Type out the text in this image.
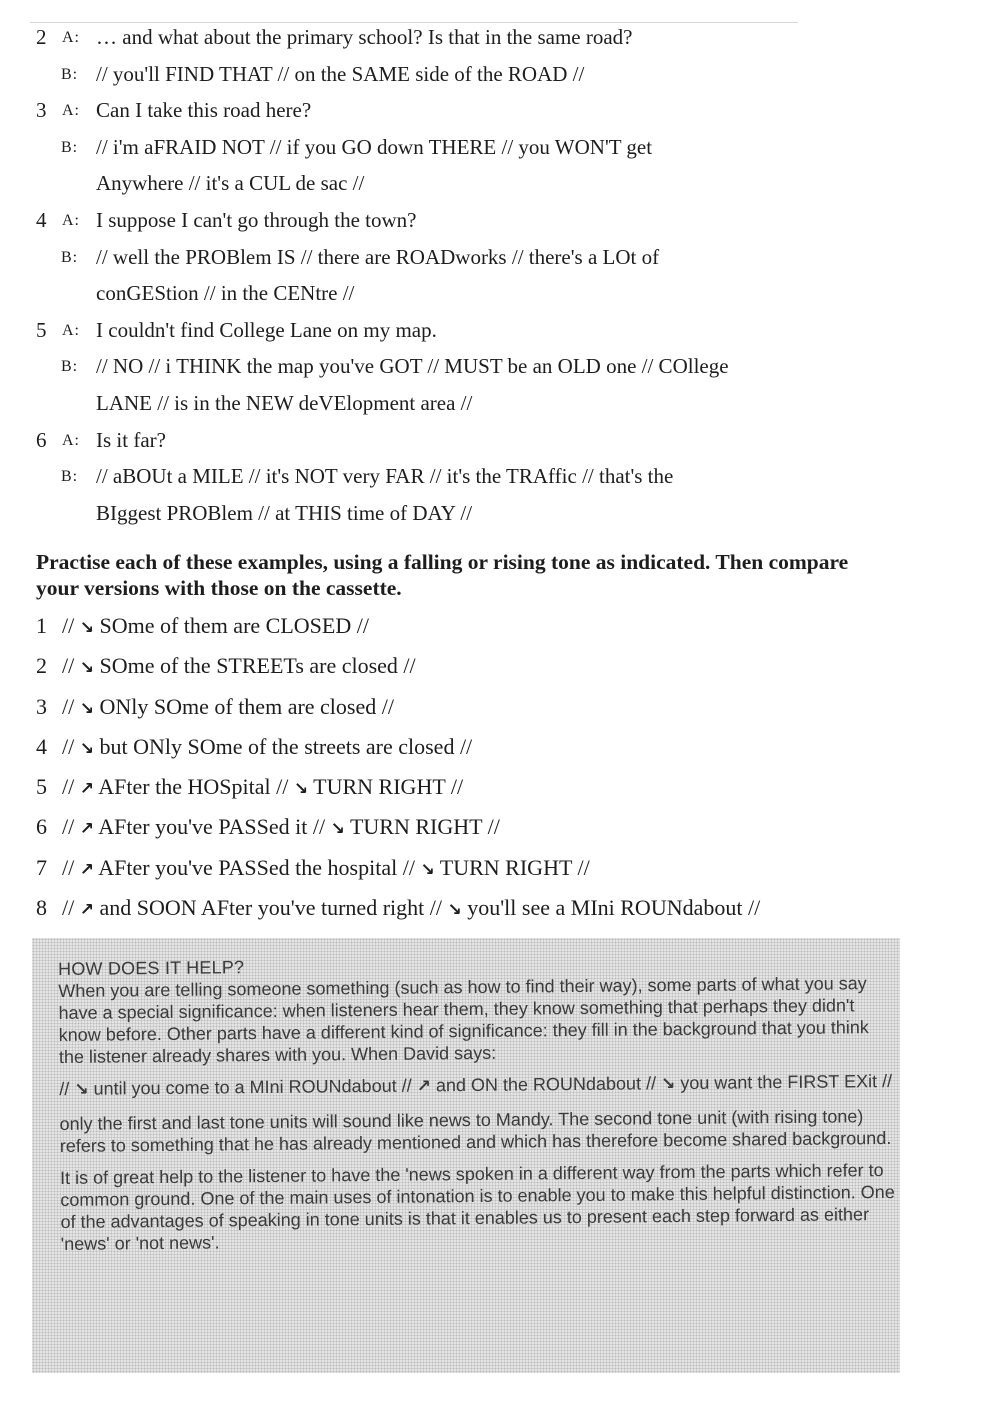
2 A: … and what about the primary school? Is that in the same road?
B: // you'll FIND THAT // on the SAME side of the ROAD //
3 A: Can I take this road here?
B: // i'm aFRAID NOT // if you GO down THERE // you WON'T get
Anywhere // it's a CUL de sac //
4 A: I suppose I can't go through the town?
B: // well the PROBlem IS // there are ROADworks // there's a LOt of
conGEStion // in the CENtre //
5 A: I couldn't find College Lane on my map.
B: // NO // i THINK the map you've GOT // MUST be an OLD one // COllege
LANE // is in the NEW deVElopment area //
6 A: Is it far?
B: // aBOUt a MILE // it's NOT very FAR // it's the TRAffic // that's the
BIggest PROBlem // at THIS time of DAY //
Practise each of these examples, using a falling or rising tone as indicated. Then compare your versions with those on the cassette.
1 // ↘ SOme of them are CLOSED //
2 // ↘ SOme of the STREETs are closed //
3 // ↘ ONly SOme of them are closed //
4 // ↘ but ONly SOme of the streets are closed //
5 // ↗ AFter the HOSpital // ↘ TURN RIGHT //
6 // ↗ AFter you've PASSed it // ↘ TURN RIGHT //
7 // ↗ AFter you've PASSed the hospital // ↘ TURN RIGHT //
8 // ↗ and SOON AFter you've turned right // ↘ you'll see a MIni ROUNdabout //

HOW DOES IT HELP?

When you are telling someone something (such as how to find their way), some parts of what you say have a special significance: when listeners hear them, they know something that perhaps they didn't know before. Other parts have a different kind of significance: they fill in the background that you think the listener already shares with you. When David says:

// ↘ until you come to a MIni ROUNdabout // ↗ and ON the ROUNdabout // ↘ you want the FIRST EXit //

only the first and last tone units will sound like news to Mandy. The second tone unit (with rising tone) refers to something that he has already mentioned and which has therefore become shared background.

It is of great help to the listener to have the 'news spoken in a different way from the parts which refer to common ground. One of the main uses of intonation is to enable you to make this helpful distinction. One of the advantages of speaking in tone units is that it enables us to present each step forward as either 'news' or 'not news'.
